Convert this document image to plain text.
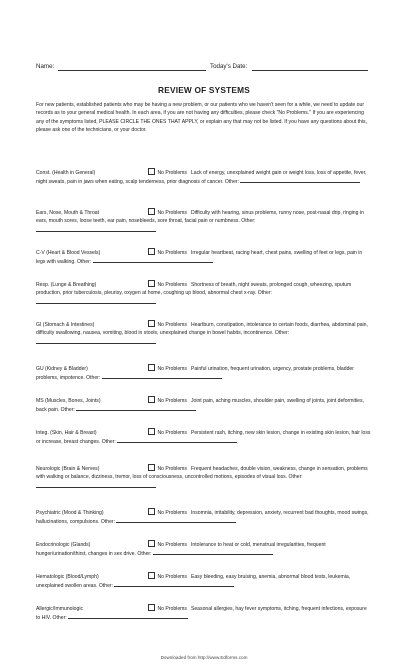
Name:	Today's Date:
REVIEW OF SYSTEMS
For new patients, established patients who may be having a new problem, or our patients who we haven't seen for a while, we need to update our records as to your general medical health. In each area, if you are not having any difficulties, please check "No Problems." If you are experiencing any of the symptoms listed, PLEASE CIRCLE THE ONES THAT APPLY, or explain any that may not be listed. If you have any questions about this, please ask one of the technicians, or your doctor.
Const. (Health in General)	No Problems Lack of energy, unexplained weight gain or weight loss, loss of appetite, fever, night sweats, pain in jaws when eating, scalp tenderness, prior diagnosis of cancer. Other:
Ears, Nose, Mouth & Throat	No Problems Difficulty with hearing, sinus problems, runny nose, post-nasal drip, ringing in ears, mouth sores, loose teeth, ear pain, nosebleeds, sore throat, facial pain or numbness. Other:
C-V (Heart & Blood Vessels)	No Problems Irregular heartbeat, racing heart, chest pains, swelling of feet or legs, pain in legs with walking. Other:
Resp. (Lunge & Breathing)	No Problems Shortness of breath, night sweats, prolonged cough, wheezing, sputum production, prior tuberculosis, pleurisy, oxygen at home, coughing up blood, abnormal chest x-ray. Other:
GI (Stomach & Intestines)	No Problems Heartburn, constipation, intolerance to certain foods, diarrhea, abdominal pain, difficulty swallowing, nausea, vomiting, blood in stools, unexplained change in bowel habits, incontinence. Other:
GU (Kidney & Bladder)	No Problems Painful urination, frequent urination, urgency, prostate problems, bladder problems, impotence. Other:
MS (Muscles, Bones, Joints)	No Problems Joint pain, aching muscles, shoulder pain, swelling of joints, joint deformities, back pain. Other:
Integ. (Skin, Hair & Breast)	No Problems Persistent rash, itching, new skin lesion, change in existing skin lesion, hair loss or increase, breast changes. Other:
Neurologic (Brain & Nerves)	No Problems Frequent headaches, double vision, weakness, change in sensation, problems with walking or balance, dizziness, tremor, loss of consciousness, uncontrolled motions, episodes of visual loss. Other:
Psychiatric (Mood & Thinking)	No Problems Insomnia, irritability, depression, anxiety, recurrent bad thoughts, mood swings, hallucinations, compulsions. Other:
Endocrinologic (Glands)	No Problems Intolerance to heat or cold, menstrual irregularities, frequent hunger/urination/thirst, changes in sex drive. Other:
Hematologic (Blood/Lymph)	No Problems Easy bleeding, easy bruising, anemia, abnormal blood tests, leukemia, unexplained swollen areas. Other:
Allergic/Immunologic	No Problems Seasonal allergies, hay fever symptoms, itching, frequent infections, exposure to HIV. Other:
Downloaded from http://www.Edforms.com
